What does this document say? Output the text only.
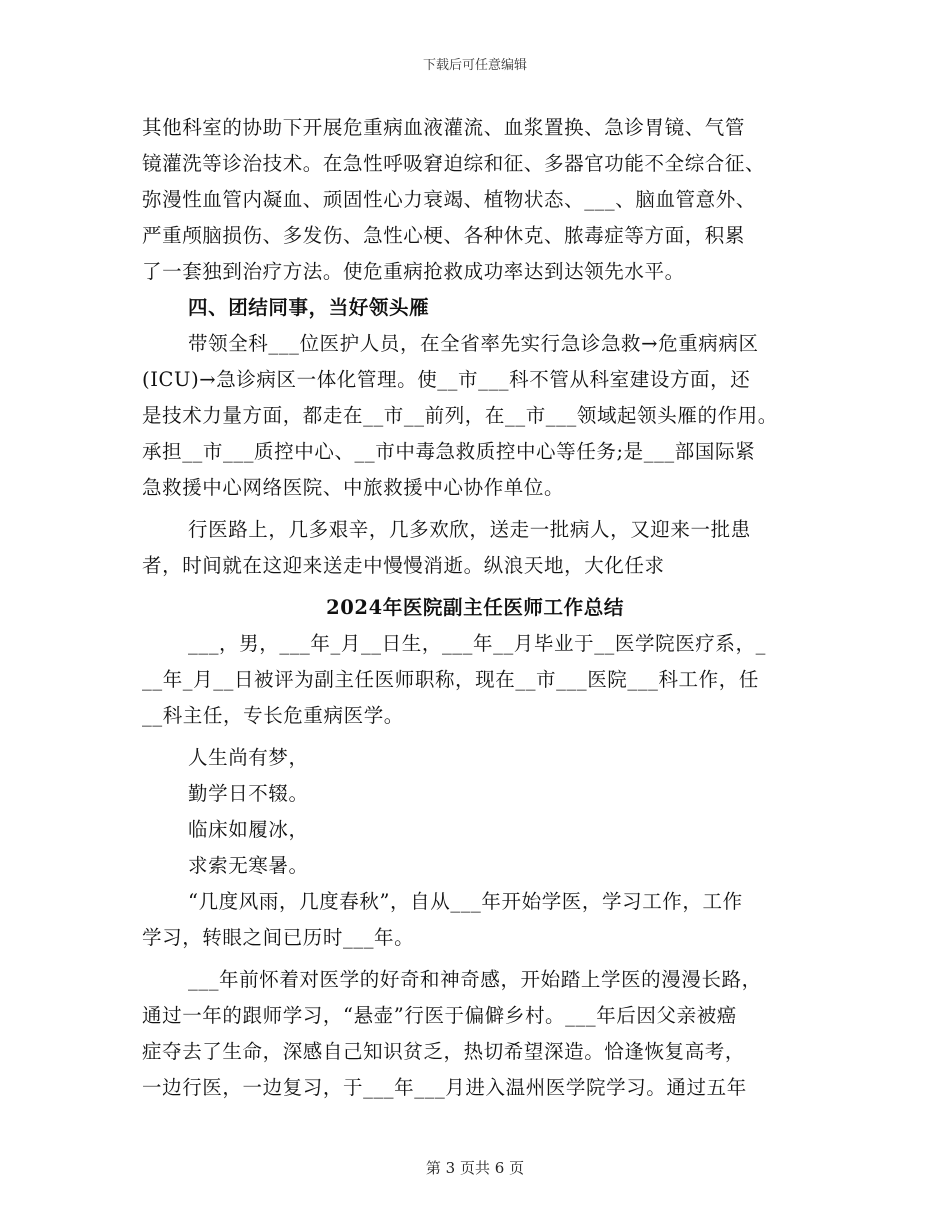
下载后可任意编辑
其他科室的协助下开展危重病血液灌流、血浆置换、急诊胃镜、气管
镜灌洗等诊治技术。在急性呼吸窘迫综和征、多器官功能不全综合征、
弥漫性血管内凝血、顽固性心力衰竭、植物状态、___、脑血管意外、
严重颅脑损伤、多发伤、急性心梗、各种休克、脓毒症等方面，积累
了一套独到治疗方法。使危重病抢救成功率达到达领先水平。
四、团结同事，当好领头雁
带领全科___位医护人员，在全省率先实行急诊急救→危重病病区
(ICU)→急诊病区一体化管理。使__市___科不管从科室建设方面，还
是技术力量方面，都走在__市__前列，在__市___领域起领头雁的作用。
承担__市___质控中心、__市中毒急救质控中心等任务;是___部国际紧
急救援中心网络医院、中旅救援中心协作单位。
行医路上，几多艰辛，几多欢欣，送走一批病人，又迎来一批患
者，时间就在这迎来送走中慢慢消逝。纵浪天地，大化任求
2024年医院副主任医师工作总结
___，男，___年_月__日生，___年__月毕业于__医学院医疗系，_
__年_月__日被评为副主任医师职称，现在__市___医院___科工作，任
__科主任，专长危重病医学。
人生尚有梦，
勤学日不辍。
临床如履冰，
求索无寒暑。
“几度风雨，几度春秋”，自从___年开始学医，学习工作，工作
学习，转眼之间已历时___年。
___年前怀着对医学的好奇和神奇感，开始踏上学医的漫漫长路，
通过一年的跟师学习，“悬壶”行医于偏僻乡村。___年后因父亲被癌
症夺去了生命，深感自己知识贫乏，热切希望深造。恰逢恢复高考，
一边行医，一边复习，于___年___月进入温州医学院学习。通过五年
第 3 页共 6 页
